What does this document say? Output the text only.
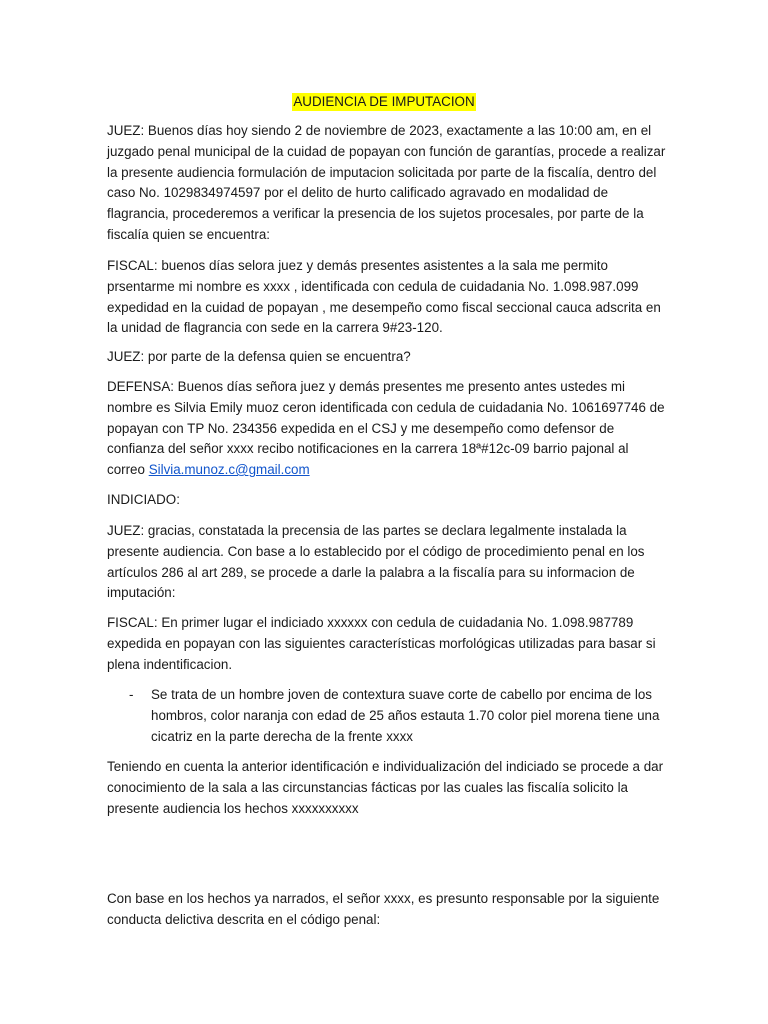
AUDIENCIA DE IMPUTACION

JUEZ: Buenos días hoy siendo 2 de noviembre de 2023, exactamente a las 10:00 am, en el juzgado penal municipal de la cuidad de popayan con función de garantías, procede a realizar la presente audiencia formulación de imputacion solicitada por parte de la fiscalía, dentro del caso No. 1029834974597 por el delito de hurto calificado agravado en modalidad de flagrancia, procederemos a verificar la presencia de los sujetos procesales, por parte de la fiscalía quien se encuentra:

FISCAL: buenos días selora juez y demás presentes asistentes a la sala me permito prsentarme mi nombre es xxxx , identificada con cedula de cuidadania No. 1.098.987.099 expedidad en la cuidad de popayan , me desempeño como fiscal seccional cauca adscrita en la unidad de flagrancia con sede en la carrera 9#23-120.

JUEZ: por parte de la defensa quien se encuentra?

DEFENSA: Buenos días señora juez y demás presentes me presento antes ustedes mi nombre es Silvia Emily muoz ceron identificada con cedula de cuidadania No. 1061697746 de popayan con TP No. 234356 expedida en el CSJ y me desempeño como defensor de confianza del señor xxxx recibo notificaciones en la carrera 18ª#12c-09 barrio pajonal al correo Silvia.munoz.c@gmail.com

INDICIADO:

JUEZ: gracias, constatada la precensia de las partes se declara legalmente instalada la presente audiencia. Con base a lo establecido por el código de procedimiento penal en los artículos 286 al art 289, se procede a darle la palabra a la fiscalía para su informacion de imputación:

FISCAL: En primer lugar el indiciado xxxxxx con cedula de cuidadania No. 1.098.987789 expedida en popayan con las siguientes características morfológicas utilizadas para basar si plena indentificacion.

- Se trata de un hombre joven de contextura suave corte de cabello por encima de los hombros, color naranja con edad de 25 años estauta 1.70 color piel morena tiene una cicatriz en la parte derecha de la frente xxxx

Teniendo en cuenta la anterior identificación e individualización del indiciado se procede a dar conocimiento de la sala a las circunstancias fácticas por las cuales las fiscalía solicito la presente audiencia los hechos xxxxxxxxxx

Con base en los hechos ya narrados, el señor xxxx, es presunto responsable por la siguiente conducta delictiva descrita en el código penal:
